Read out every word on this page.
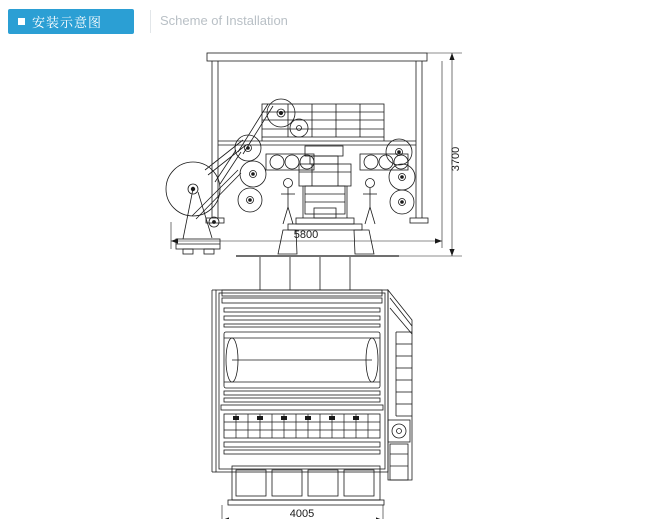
安装示意图	Scheme of Installation
3700
5800
4005
